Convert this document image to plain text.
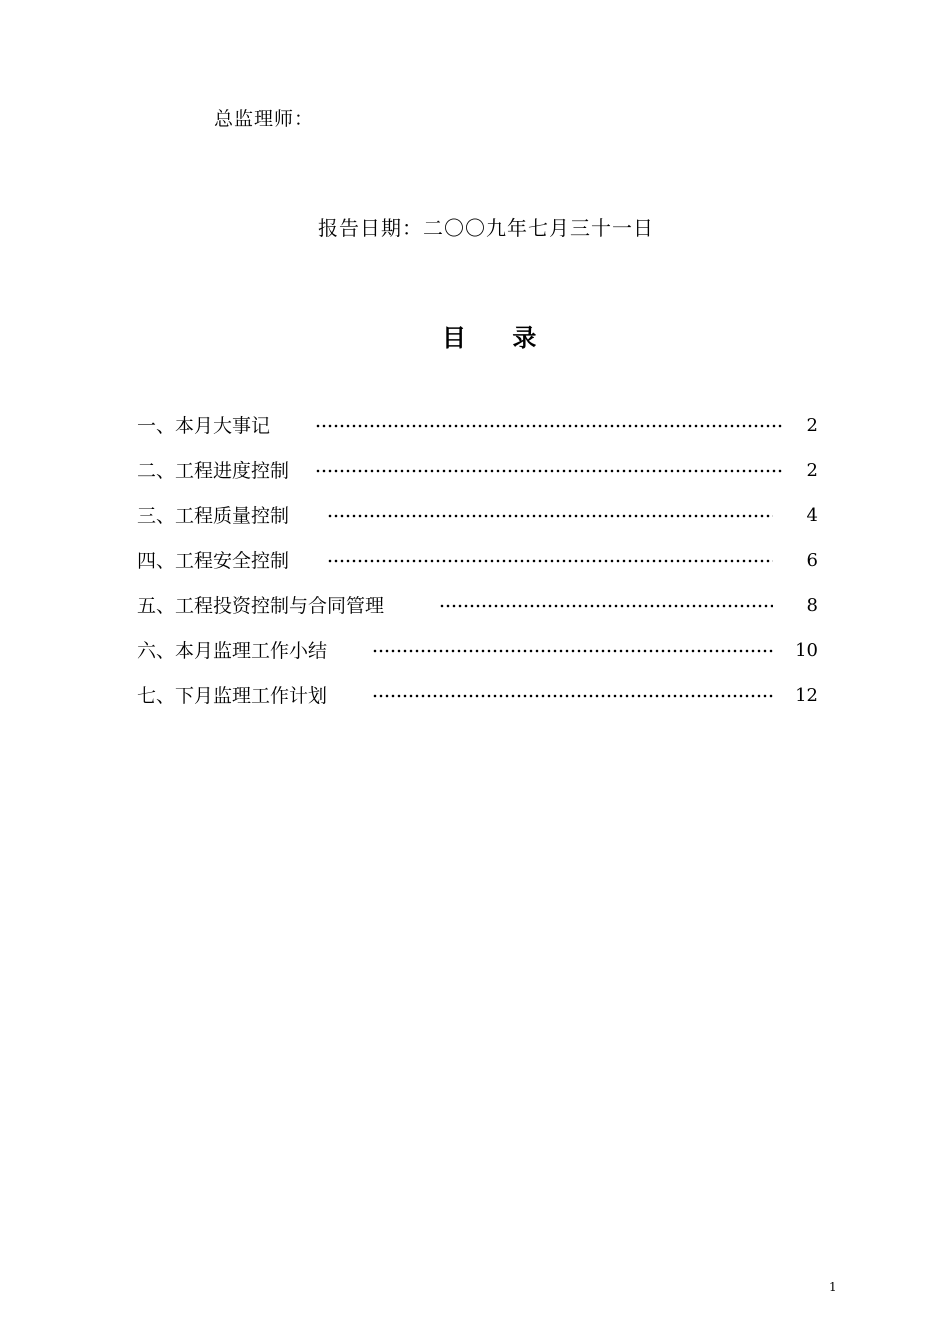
总监理师：
报告日期：二〇〇九年七月三十一日
目 录
一、本月大事记	2
二、工程进度控制	2
三、工程质量控制	4
四、工程安全控制	6
五、工程投资控制与合同管理	8
六、本月监理工作小结	10
七、下月监理工作计划	12
1
